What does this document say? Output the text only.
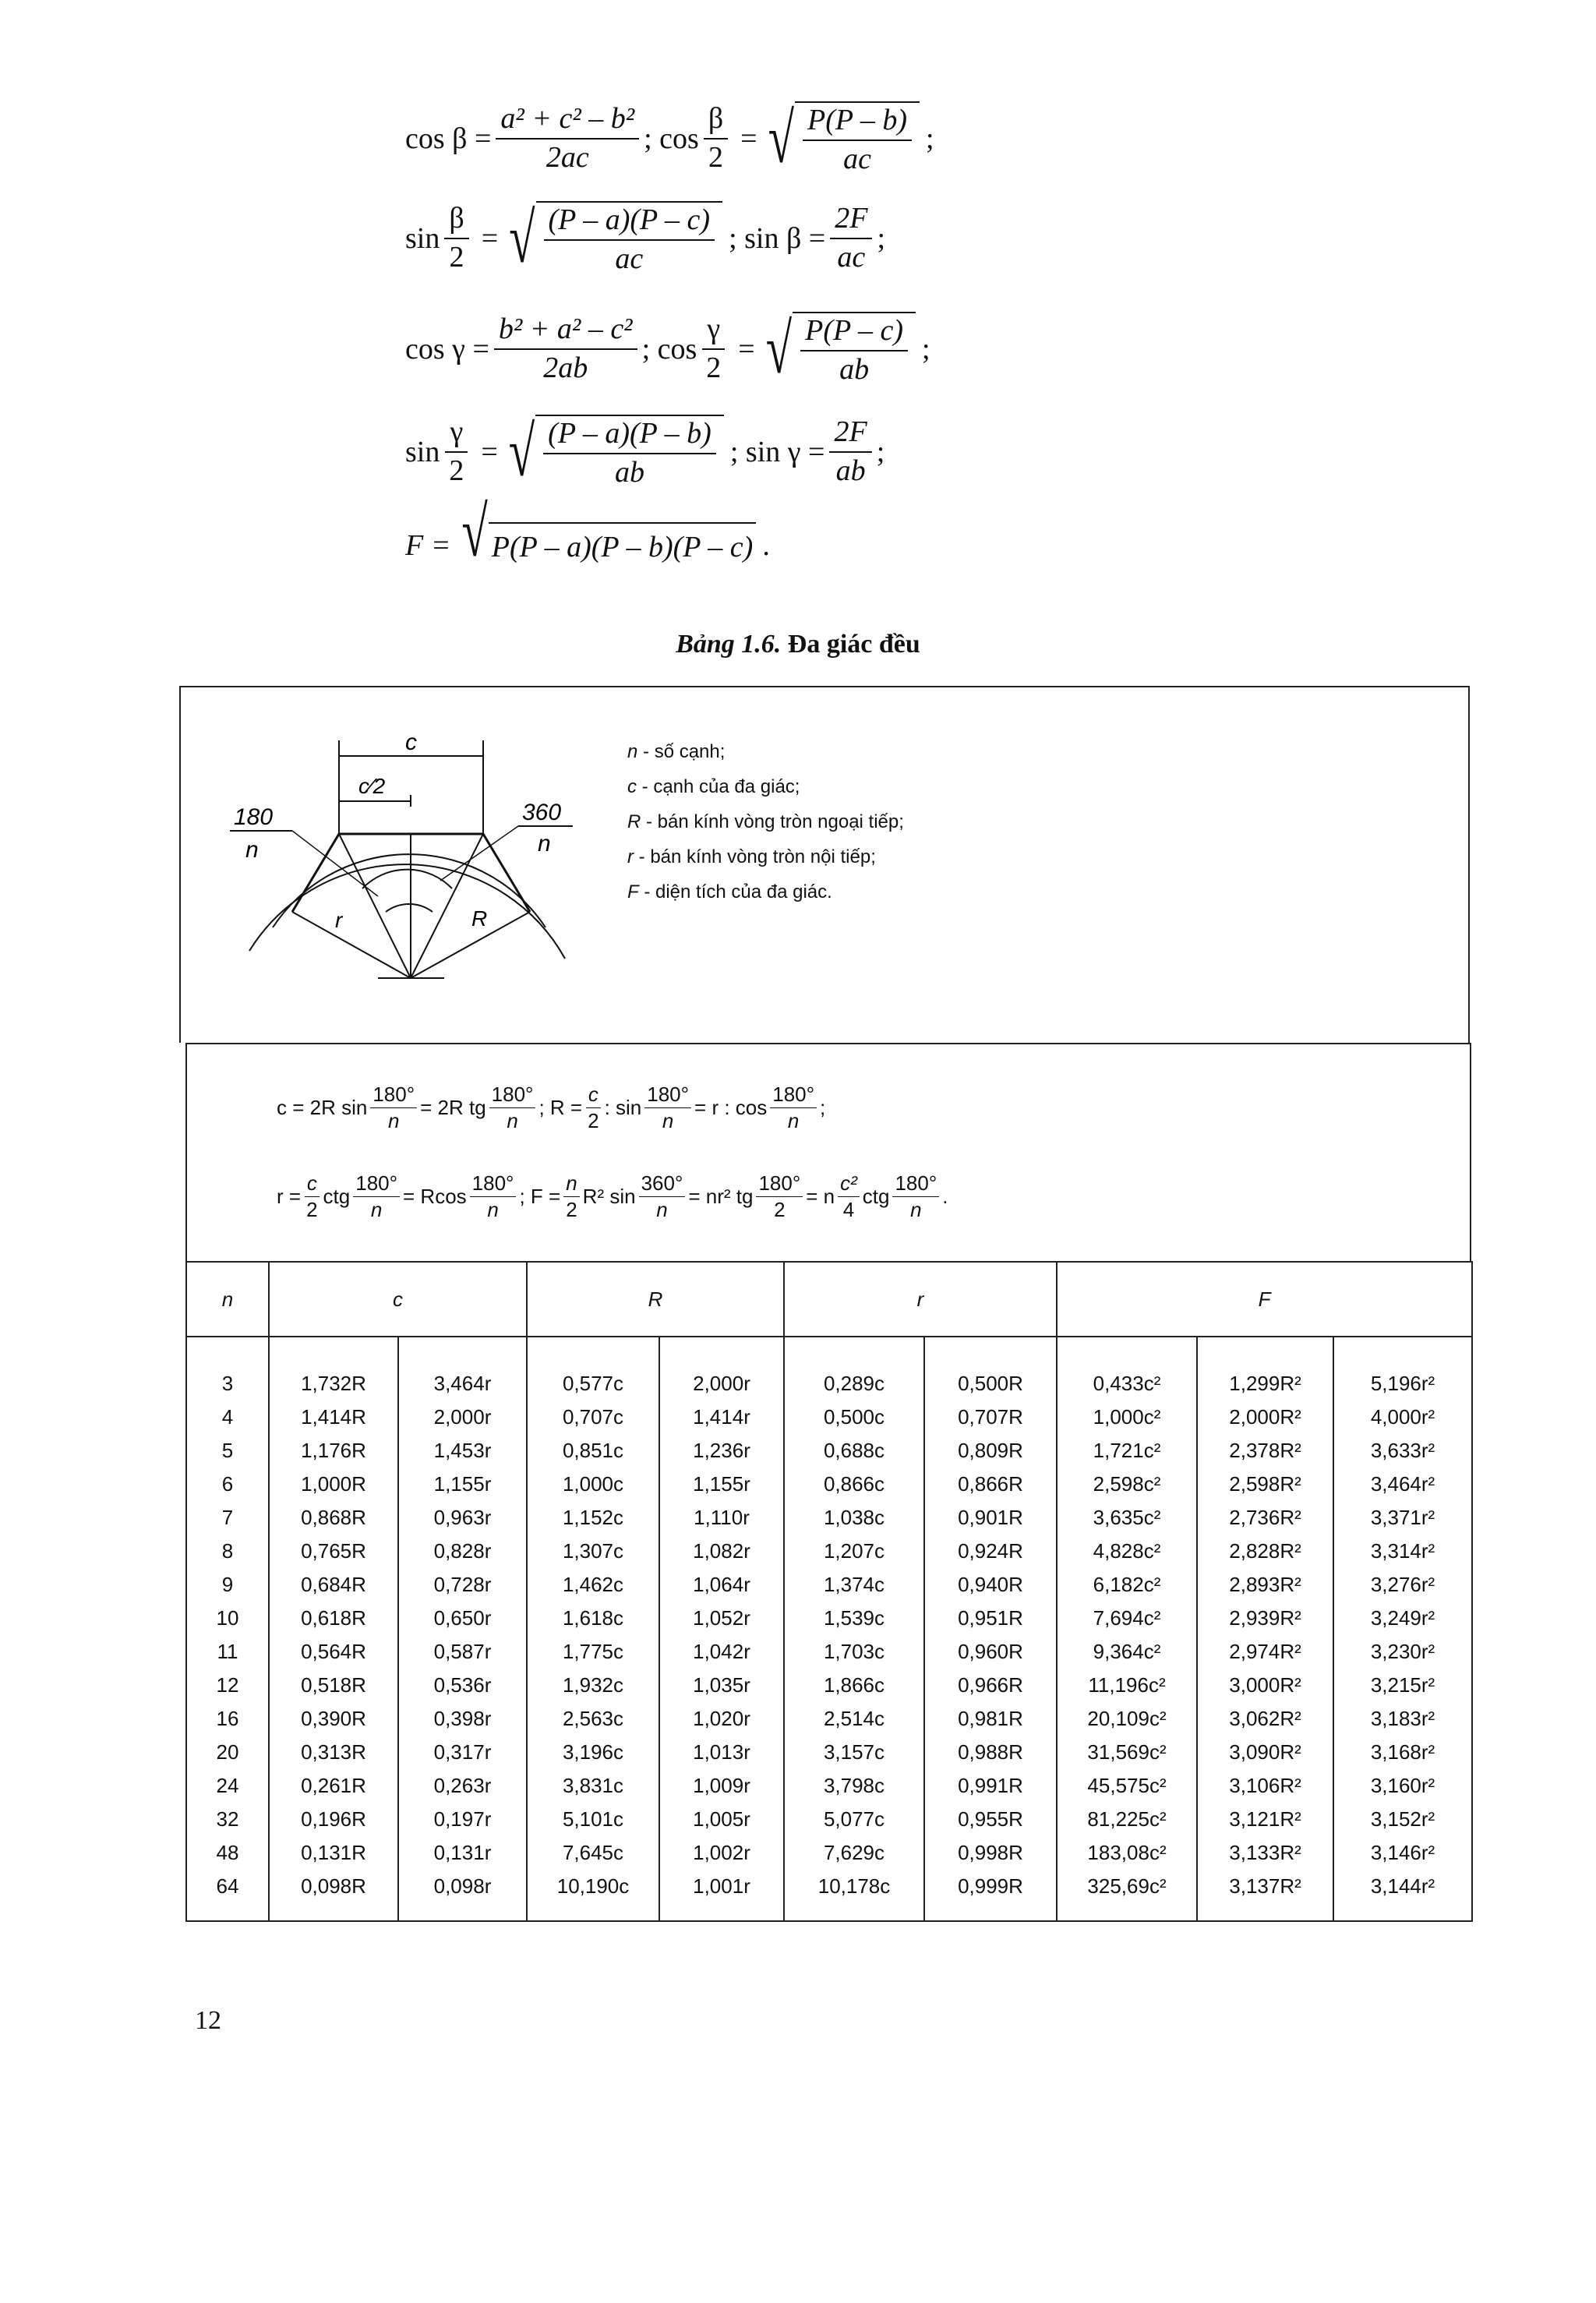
$\cos \beta = \frac{\text{a² + c² – b²}}{2ac}$ ; $\cos \frac{\beta}{2}$ = √ $\frac{P(P - b)}{ac}$ ;
$\sin \frac{\beta}{2}$ = √ $\frac{(P - a)(P - c)}{ac}$ ; $\sin \beta = \frac{2F}{ac}$ ;
$\cos \gamma = \frac{\text{b² + a² – c²}}{2ab}$ ; $\cos \frac{\gamma}{2}$ = √ $\frac{P(P - c)}{ab}$ ;
$\sin \frac{\gamma}{2}$ = √ $\frac{(P - a)(P - b)}{ab}$ ; $\sin \gamma = \frac{2F}{ab}$ ;
F = √ P(P – a)(P – b)(P – c) .
Bảng 1.6. Đa giác đều
c
c⁄2
180
n
360
n
r	R
n - số cạnh;
c - cạnh của đa giác;
R - bán kính vòng tròn ngoại tiếp;
r - bán kính vòng tròn nội tiếp;
F - diện tích của đa giác.
c = 2R $\sin \frac{180^\circ}{n} = 2R$ tg $\frac{180^\circ}{n}$ ; $R = \frac{c}{2}$ : $\sin \frac{180^\circ}{n} = r$ : $\cos \frac{180^\circ}{n}$ ;
$r = \frac{c}{2}$ ctg $\frac{180^\circ}{n} = Rcos \frac{180^\circ}{n}$ ; $F = \frac{n}{2} R^2$ $\sin \frac{360^\circ}{n} = nr^2$ tg $\frac{180^\circ}{2} = n \frac{\text{c²}}{4}$ ctg $\frac{180^\circ}{n}$ .
n	c		R		r		F		
3	1,732R	3,464r	0,577c	2,000r	0,289c	0,500R	0,433c²	1,299R²	5,196r²
4	1,414R	2,000r	0,707c	1,414r	0,500c	0,707R	1,000c²	2,000R²	4,000r²
5	1,176R	1,453r	0,851c	1,236r	0,688c	0,809R	1,721c²	2,378R²	3,633r²
6	1,000R	1,155r	1,000c	1,155r	0,866c	0,866R	2,598c²	2,598R²	3,464r²
7	0,868R	0,963r	1,152c	1,110r	1,038c	0,901R	3,635c²	2,736R²	3,371r²
8	0,765R	0,828r	1,307c	1,082r	1,207c	0,924R	4,828c²	2,828R²	3,314r²
9	0,684R	0,728r	1,462c	1,064r	1,374c	0,940R	6,182c²	2,893R²	3,276r²
10	0,618R	0,650r	1,618c	1,052r	1,539c	0,951R	7,694c²	2,939R²	3,249r²
11	0,564R	0,587r	1,775c	1,042r	1,703c	0,960R	9,364c²	2,974R²	3,230r²
12	0,518R	0,536r	1,932c	1,035r	1,866c	0,966R	11,196c²	3,000R²	3,215r²
16	0,390R	0,398r	2,563c	1,020r	2,514c	0,981R	20,109c²	3,062R²	3,183r²
20	0,313R	0,317r	3,196c	1,013r	3,157c	0,988R	31,569c²	3,090R²	3,168r²
24	0,261R	0,263r	3,831c	1,009r	3,798c	0,991R	45,575c²	3,106R²	3,160r²
32	0,196R	0,197r	5,101c	1,005r	5,077c	0,955R	81,225c²	3,121R²	3,152r²
48	0,131R	0,131r	7,645c	1,002r	7,629c	0,998R	183,08c²	3,133R²	3,146r²
64	0,098R	0,098r	10,190c	1,001r	10,178c	0,999R	325,69c²	3,137R²	3,144r²
12
